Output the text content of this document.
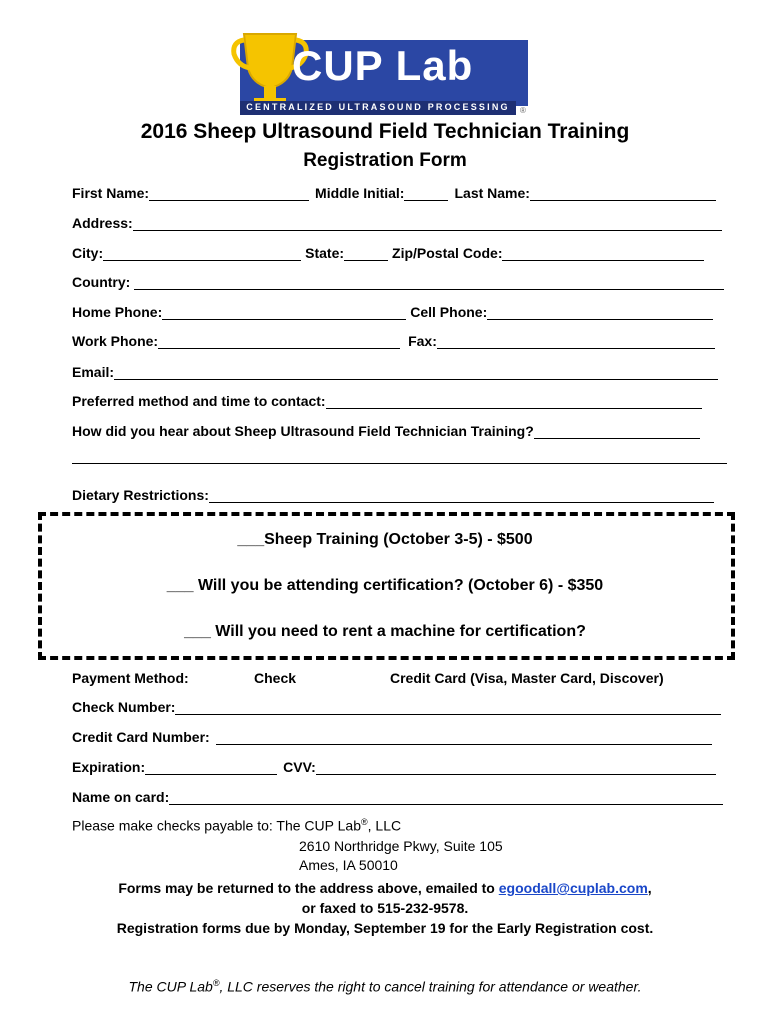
CUP Lab
CENTRALIZED ULTRASOUND PROCESSING ®
2016 Sheep Ultrasound Field Technician Training
Registration Form
First Name:	Middle Initial:	Last Name:
Address:
City:	State:	Zip/Postal Code:
Country:
Home Phone:	Cell Phone:
Work Phone:	Fax:
Email:
Preferred method and time to contact:
How did you hear about Sheep Ultrasound Field Technician Training?
Dietary Restrictions:
___Sheep Training (October 3-5) - $500
___ Will you be attending certification? (October 6) - $350
___ Will you need to rent a machine for certification?
Payment Method:	Check	Credit Card (Visa, Master Card, Discover)
Check Number:
Credit Card Number:
Expiration:	CVV:
Name on card:
Please make checks payable to: The CUP Lab®, LLC
2610 Northridge Pkwy, Suite 105
Ames, IA 50010
Forms may be returned to the address above, emailed to egoodall@cuplab.com,
or faxed to 515-232-9578.
Registration forms due by Monday, September 19 for the Early Registration cost.
The CUP Lab®, LLC reserves the right to cancel training for attendance or weather.
